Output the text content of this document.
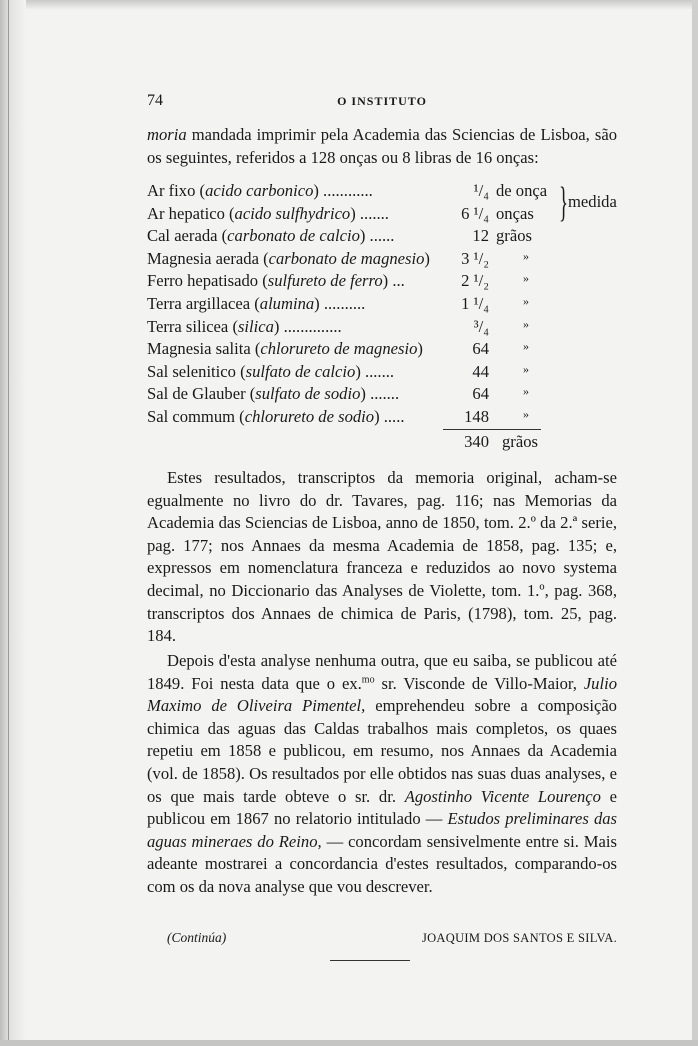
74	O INSTITUTO

moria mandada imprimir pela Academia das Sciencias de Lisboa, são os seguintes, referidos a 128 onças ou 8 libras de 16 onças:

Ar fixo (acido carbonico) ............	¹/₄ de onça
Ar hepatico (acido sulfhydrico) .......	6 ¹/₄ onças
Cal aerada (carbonato de calcio) ......	12 grãos
Magnesia aerada (carbonato de magnesio)	3 ¹/₂	»
Ferro hepatisado (sulfureto de ferro) ...	2 ¹/₂	»
Terra argillacea (alumina) ..........	1 ¹/₄	»
Terra silicea (silica) ..............	³/₄	»
Magnesia salita (chlorureto de magnesio)	64	»
Sal selenitico (sulfato de calcio) .......	44	»
Sal de Glauber (sulfato de sodio) .......	64	»
Sal commum (chlorureto de sodio) .....	148	»
} medida
340 grãos

Estes resultados, transcriptos da memoria original, acham-se egualmente no livro do dr. Tavares, pag. 116; nas Memorias da Academia das Sciencias de Lisboa, anno de 1850, tom. 2.º da 2.ª serie, pag. 177; nos Annaes da mesma Academia de 1858, pag. 135; e, expressos em nomenclatura franceza e reduzidos ao novo systema decimal, no Diccionario das Analyses de Violette, tom. 1.º, pag. 368, transcriptos dos Annaes de chimica de Paris, (1798), tom. 25, pag. 184.

Depois d'esta analyse nenhuma outra, que eu saiba, se publicou até 1849. Foi nesta data que o ex.$^{mo}$ sr. Visconde de Villo-Maior, Julio Maximo de Oliveira Pimentel, emprehendeu sobre a composição chimica das aguas das Caldas trabalhos mais completos, os quaes repetiu em 1858 e publicou, em resumo, nos Annaes da Academia (vol. de 1858). Os resultados por elle obtidos nas suas duas analyses, e os que mais tarde obteve o sr. dr. Agostinho Vicente Lourenço e publicou em 1867 no relatorio intitulado — Estudos preliminares das aguas mineraes do Reino, — concordam sensivelmente entre si. Mais adeante mostrarei a concordancia d'estes resultados, comparando-os com os da nova analyse que vou descrever.

(Continúa)	JOAQUIM DOS SANTOS E SILVA.
